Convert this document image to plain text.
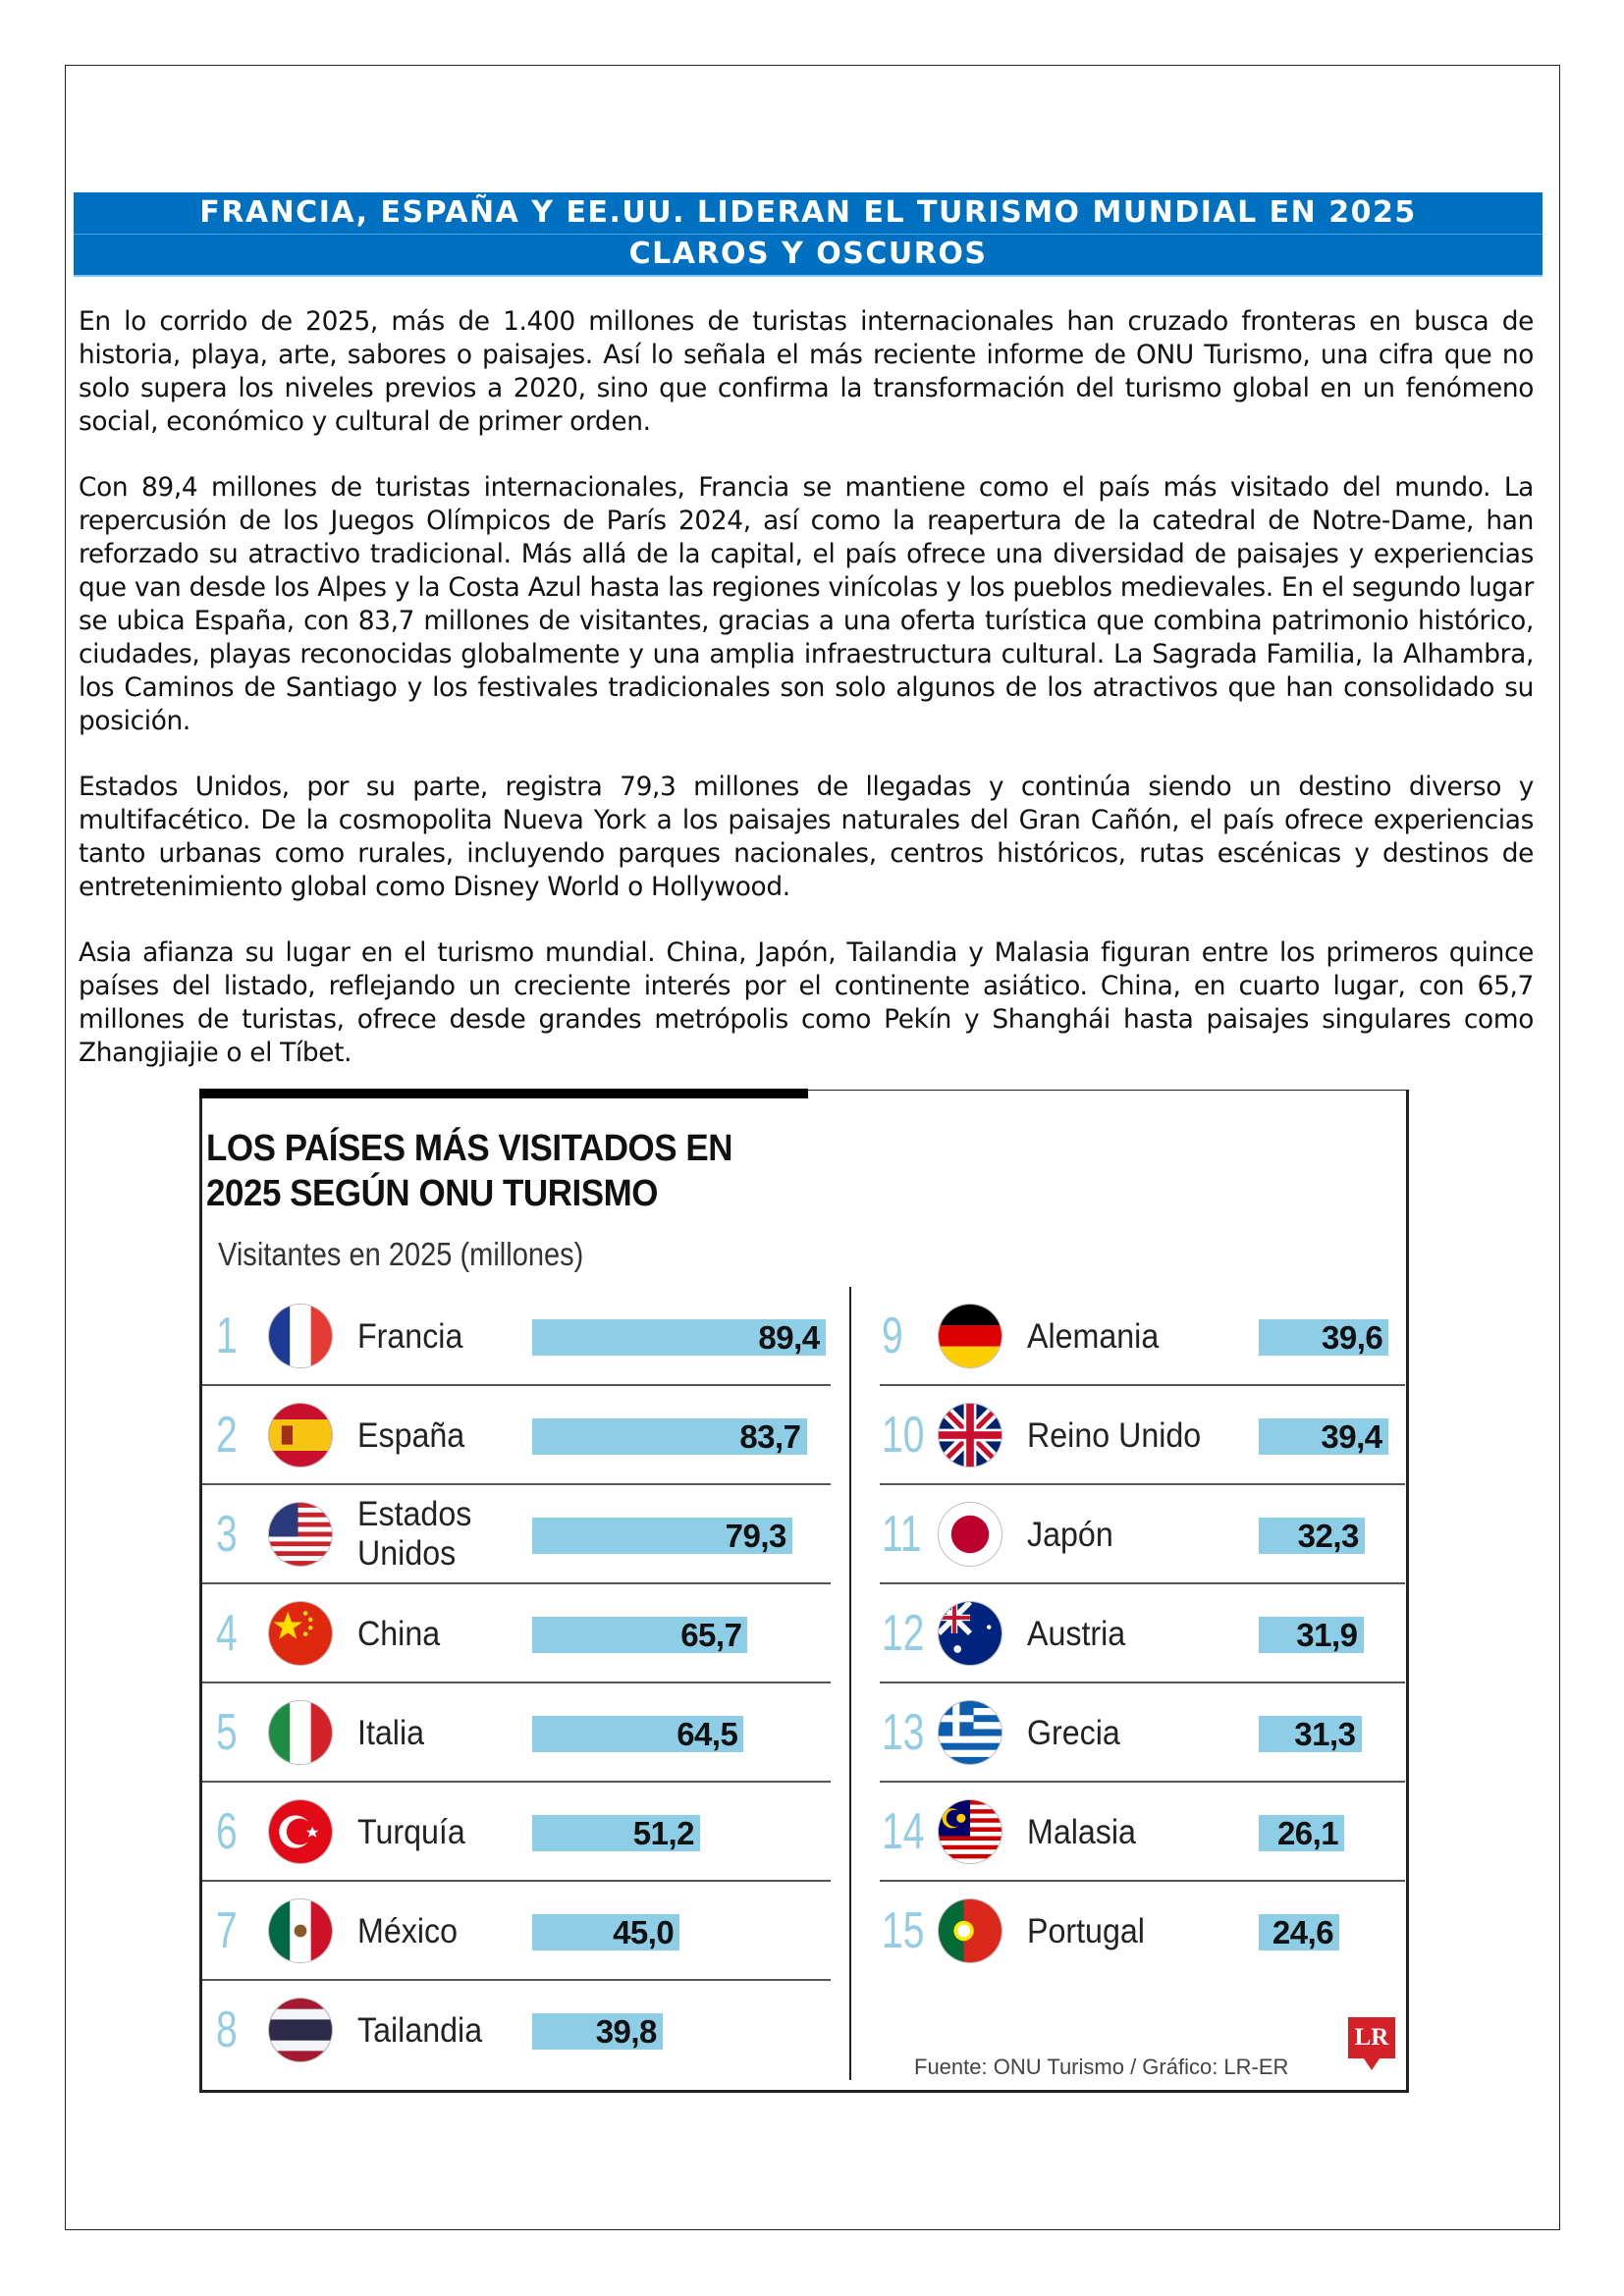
FRANCIA, ESPAÑA Y EE.UU. LIDERAN EL TURISMO MUNDIAL EN 2025
CLAROS Y OSCUROS

En lo corrido de 2025, más de 1.400 millones de turistas internacionales han cruzado fronteras en busca de historia, playa, arte, sabores o paisajes. Así lo señala el más reciente informe de ONU Turismo, una cifra que no solo supera los niveles previos a 2020, sino que confirma la transformación del turismo global en un fenómeno social, económico y cultural de primer orden.

Con 89,4 millones de turistas internacionales, Francia se mantiene como el país más visitado del mundo. La repercusión de los Juegos Olímpicos de París 2024, así como la reapertura de la catedral de Notre-Dame, han reforzado su atractivo tradicional. Más allá de la capital, el país ofrece una diversidad de paisajes y experiencias que van desde los Alpes y la Costa Azul hasta las regiones vinícolas y los pueblos medievales. En el segundo lugar se ubica España, con 83,7 millones de visitantes, gracias a una oferta turística que combina patrimonio histórico, ciudades, playas reconocidas globalmente y una amplia infraestructura cultural. La Sagrada Familia, la Alhambra, los Caminos de Santiago y los festivales tradicionales son solo algunos de los atractivos que han consolidado su posición.

Estados Unidos, por su parte, registra 79,3 millones de llegadas y continúa siendo un destino diverso y multifacético. De la cosmopolita Nueva York a los paisajes naturales del Gran Cañón, el país ofrece experiencias tanto urbanas como rurales, incluyendo parques nacionales, centros históricos, rutas escénicas y destinos de entretenimiento global como Disney World o Hollywood.

Asia afianza su lugar en el turismo mundial. China, Japón, Tailandia y Malasia figuran entre los primeros quince países del listado, reflejando un creciente interés por el continente asiático. China, en cuarto lugar, con 65,7 millones de turistas, ofrece desde grandes metrópolis como Pekín y Shanghái hasta paisajes singulares como Zhangjiajie o el Tíbet.

LOS PAÍSES MÁS VISITADOS EN
2025 SEGÚN ONU TURISMO
Visitantes en 2025 (millones)
1	Francia	89,4
2	España	83,7
3	Estados
Unidos	79,3
4	China	65,7
5	Italia	64,5
6	Turquía	51,2
7	México	45,0
8	Tailandia	39,8
9	Alemania	39,6
10	Reino Unido	39,4
11	Japón	32,3
12	Austria	31,9
13	Grecia	31,3
14	Malasia	26,1
15	Portugal	24,6
Fuente: ONU Turismo / Gráfico: LR-ER
LR
